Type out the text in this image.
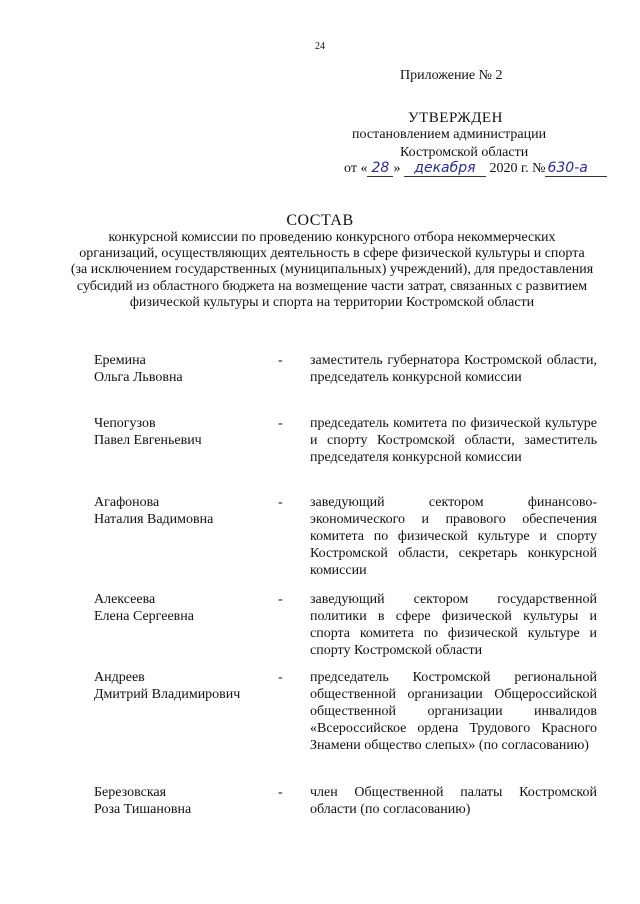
24
Приложение № 2
УТВЕРЖДЕН
постановлением администрации
Костромской области
от « 28 » декабря 2020 г. № 630-а
СОСТАВ
конкурсной комиссии по проведению конкурсного отбора некоммерческих организаций, осуществляющих деятельность в сфере физической культуры и спорта (за исключением государственных (муниципальных) учреждений), для предоставления субсидий из областного бюджета на возмещение части затрат, связанных с развитием физической культуры и спорта на территории Костромской области
Еремина
Ольга Львовна
- заместитель губернатора Костромской области, председатель конкурсной комиссии
Чепогузов
Павел Евгеньевич
- председатель комитета по физической культуре и спорту Костромской области, заместитель председателя конкурсной комиссии
Агафонова
Наталия Вадимовна
- заведующий сектором финансово-экономического и правового обеспечения комитета по физической культуре и спорту Костромской области, секретарь конкурсной комиссии
Алексеева
Елена Сергеевна
- заведующий сектором государственной политики в сфере физической культуры и спорта комитета по физической культуре и спорту Костромской области
Андреев
Дмитрий Владимирович
- председатель Костромской региональной общественной организации Общероссийской общественной организации инвалидов «Всероссийское ордена Трудового Красного Знамени общество слепых» (по согласованию)
Березовская
Роза Тишановна
- член Общественной палаты Костромской области (по согласованию)
